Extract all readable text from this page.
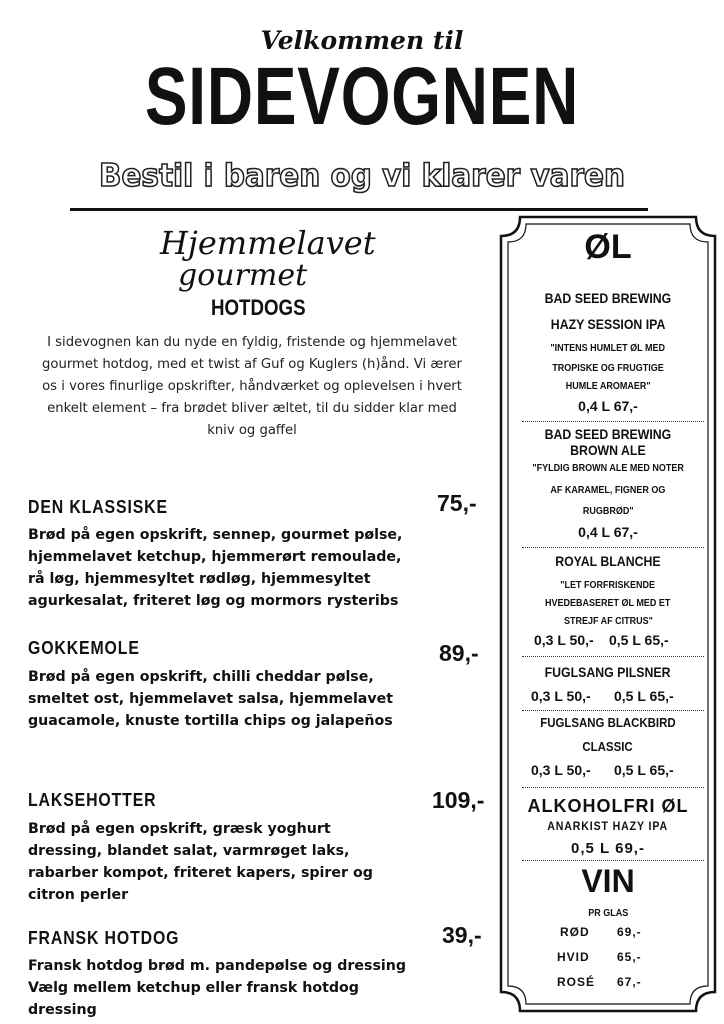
Velkommen til
SIDEVOGNEN
Bestil i baren og vi klarer varen
Hjemmelavet
gourmet
HOTDOGS
I sidevognen kan du nyde en fyldig, fristende og hjemmelavet gourmet hotdog, med et twist af Guf og Kuglers (h)ånd. Vi ærer os i vores finurlige opskrifter, håndværket og oplevelsen i hvert enkelt element – fra brødet bliver æltet, til du sidder klar med kniv og gaffel
DEN KLASSISKE	75,-
Brød på egen opskrift, sennep, gourmet pølse, hjemmelavet ketchup, hjemmerørt remoulade, rå løg, hjemmesyltet rødløg, hjemmesyltet agurkesalat, friteret løg og mormors rysteribs
GOKKEMOLE	89,-
Brød på egen opskrift, chilli cheddar pølse, smeltet ost, hjemmelavet salsa, hjemmelavet guacamole, knuste tortilla chips og jalapeños
LAKSEHOTTER	109,-
Brød på egen opskrift, græsk yoghurt dressing, blandet salat, varmrøget laks, rabarber kompot, friteret kapers, spirer og citron perler
FRANSK HOTDOG	39,-
Fransk hotdog brød m. pandepølse og dressing Vælg mellem ketchup eller fransk hotdog dressing
ØL
BAD SEED BREWING
HAZY SESSION IPA
"INTENS HUMLET ØL MED
TROPISKE OG FRUGTIGE
HUMLE AROMAER"
0,4 L 67,-
BAD SEED BREWING
BROWN ALE
"FYLDIG BROWN ALE MED NOTER
AF KARAMEL, FIGNER OG
RUGBRØD"
0,4 L 67,-
ROYAL BLANCHE
"LET FORFRISKENDE
HVEDEBASERET ØL MED ET
STREJF AF CITRUS"
0,3 L 50,- 0,5 L 65,-
FUGLSANG PILSNER
0,3 L 50,- 0,5 L 65,-
FUGLSANG BLACKBIRD
CLASSIC
0,3 L 50,- 0,5 L 65,-
ALKOHOLFRI ØL
ANARKIST HAZY IPA
0,5 L 69,-
VIN
PR GLAS
RØD 69,-
HVID 65,-
ROSÉ 67,-
